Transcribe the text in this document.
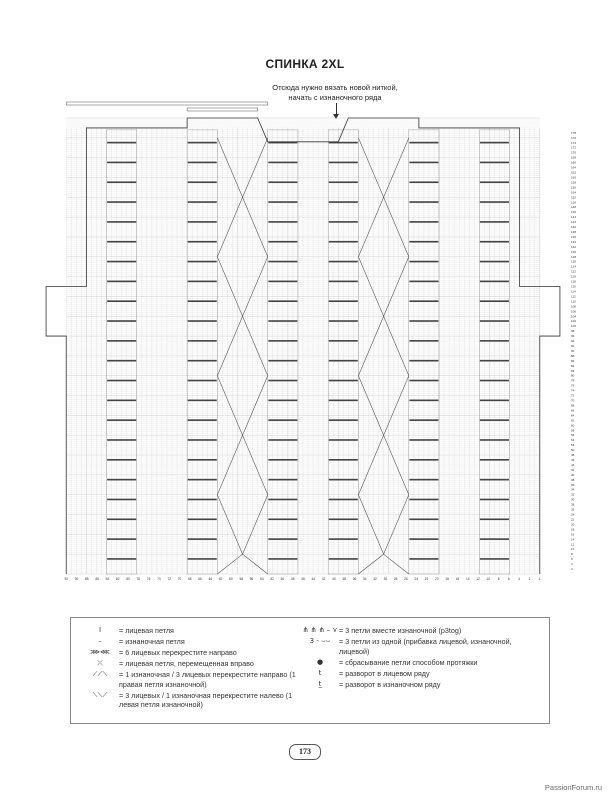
СПИНКА 2XL
Отсюда нужно вязать новой ниткой,
начать с изнаночного ряда
92 90 88 86 84 82 80 78 76 74 72 70 68 66 64 62 60 58 56 54 52 50 48 46 44 42 40 38 36 34 32 30 28 26 24 22 20 18 16 14 12 10 8	6	4	2	1
178
176
174
172
170
168
166
164
162
160
158
156
154
152
150
148
146
144
142
140
138
136
134
132
130
128
126
124
122
120
118
116
114
112
110
108
106
104
102
100
98
96
94
92
90
88
86
84
82
80
78
76
74
72
70
68
66
64
62
60
58
56
54
52
50
48
46
44
42
40
38
36
34
32
30
28
26
24
22
20
18
16
14
12
10
8
6
4
2
I	= лицевая петля
–	= изнаночная петля
⋙⋘	= 6 лицевых перекрестите направо
⤫	= лицевая петля, перемещенная вправо
⟋⟋⟍	= 1 изнаночная / 3 лицевых перекрестите направо (1 правая петля изнаночной)
⟍⟍⟋	= 3 лицевых / 1 изнаночная перекрестите налево (1 левая петля изнаночной)
⋔ ⋔ ⋔ – ⋎ = 3 петли вместе изнаночной (p3tog)
3 - ⌣⌣	= 3 петли из одной (прибавка лицевой, изнаночной, лицевой)
●	= сбрасывание петли способом протяжки
t	= разворот в лицевом ряду
t̲	= разворот в изнаночном ряду
173
PassionForum.ru
